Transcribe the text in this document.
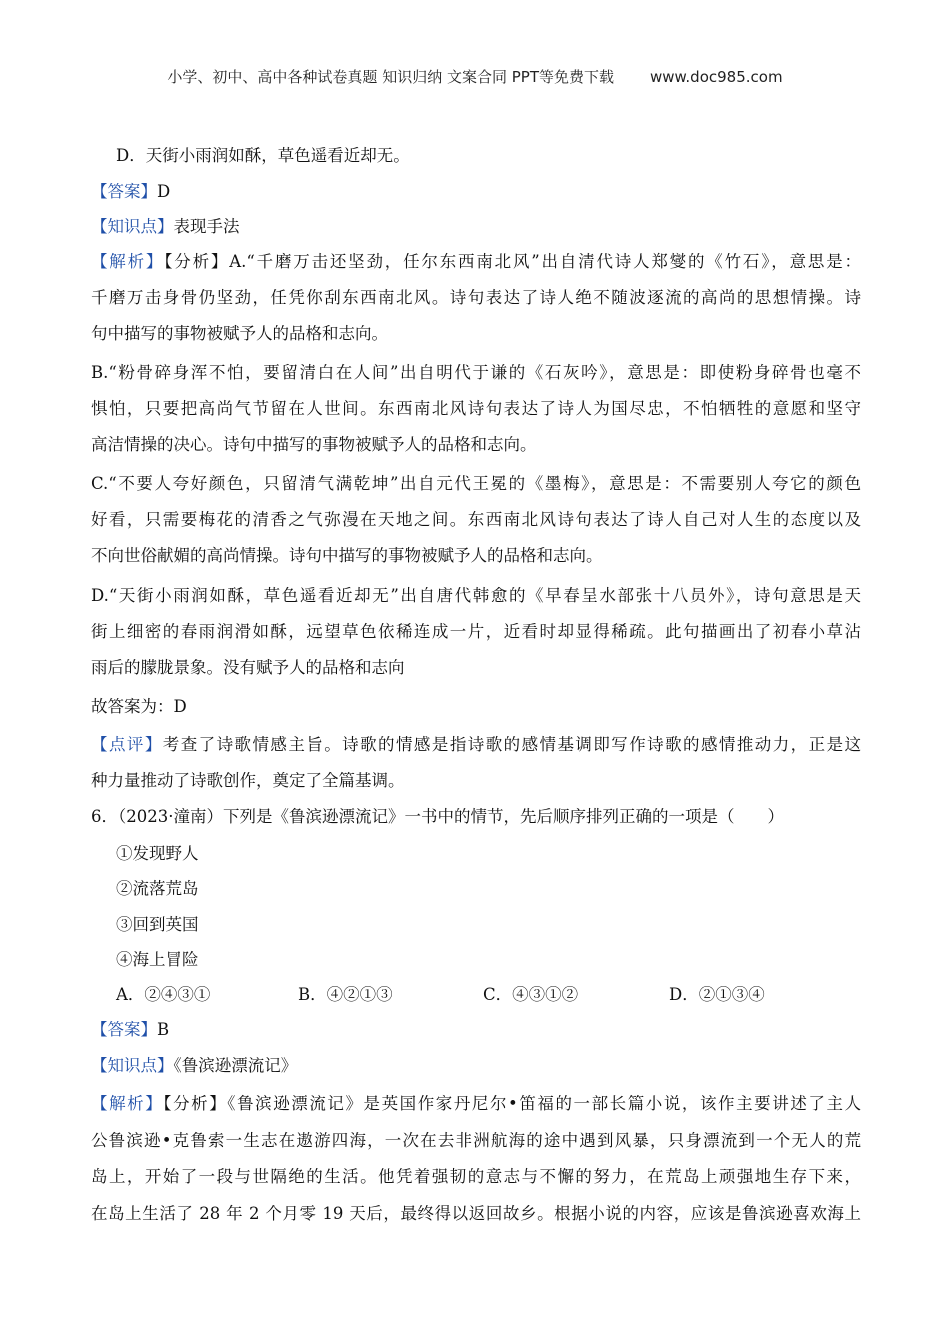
小学、初中、高中各种试卷真题 知识归纳 文案合同 PPT等免费下载 www.doc985.com
D．天街小雨润如酥，草色遥看近却无。
【答案】D
【知识点】表现手法
【解析】【分析】A.“千磨万击还坚劲，任尔东西南北风”出自清代诗人郑燮的《竹石》，意思是：
千磨万击身骨仍坚劲，任凭你刮东西南北风。诗句表达了诗人绝不随波逐流的高尚的思想情操。诗
句中描写的事物被赋予人的品格和志向。
B.“粉骨碎身浑不怕，要留清白在人间”出自明代于谦的《石灰吟》，意思是：即使粉身碎骨也毫不
惧怕，只要把高尚气节留在人世间。东西南北风诗句表达了诗人为国尽忠，不怕牺牲的意愿和坚守
高洁情操的决心。诗句中描写的事物被赋予人的品格和志向。
C.“不要人夸好颜色，只留清气满乾坤”出自元代王冕的《墨梅》，意思是：不需要别人夸它的颜色
好看，只需要梅花的清香之气弥漫在天地之间。东西南北风诗句表达了诗人自己对人生的态度以及
不向世俗献媚的高尚情操。诗句中描写的事物被赋予人的品格和志向。
D.“天街小雨润如酥，草色遥看近却无”出自唐代韩愈的《早春呈水部张十八员外》，诗句意思是天
街上细密的春雨润滑如酥，远望草色依稀连成一片，近看时却显得稀疏。此句描画出了初春小草沾
雨后的朦胧景象。没有赋予人的品格和志向
故答案为：D
【点评】考查了诗歌情感主旨。诗歌的情感是指诗歌的感情基调即写作诗歌的感情推动力，正是这
种力量推动了诗歌创作，奠定了全篇基调。
6．（2023·潼南）下列是《鲁滨逊漂流记》一书中的情节，先后顺序排列正确的一项是（　　）
①发现野人
②流落荒岛
③回到英国
④海上冒险
A．②④③①	B．④②①③	C．④③①②	D．②①③④
【答案】B
【知识点】《鲁滨逊漂流记》
【解析】【分析】《鲁滨逊漂流记》是英国作家丹尼尔•笛福的一部长篇小说，该作主要讲述了主人
公鲁滨逊•克鲁索一生志在遨游四海，一次在去非洲航海的途中遇到风暴，只身漂流到一个无人的荒
岛上，开始了一段与世隔绝的生活。他凭着强韧的意志与不懈的努力，在荒岛上顽强地生存下来，
在岛上生活了 28 年 2 个月零 19 天后，最终得以返回故乡。根据小说的内容，应该是鲁滨逊喜欢海上
